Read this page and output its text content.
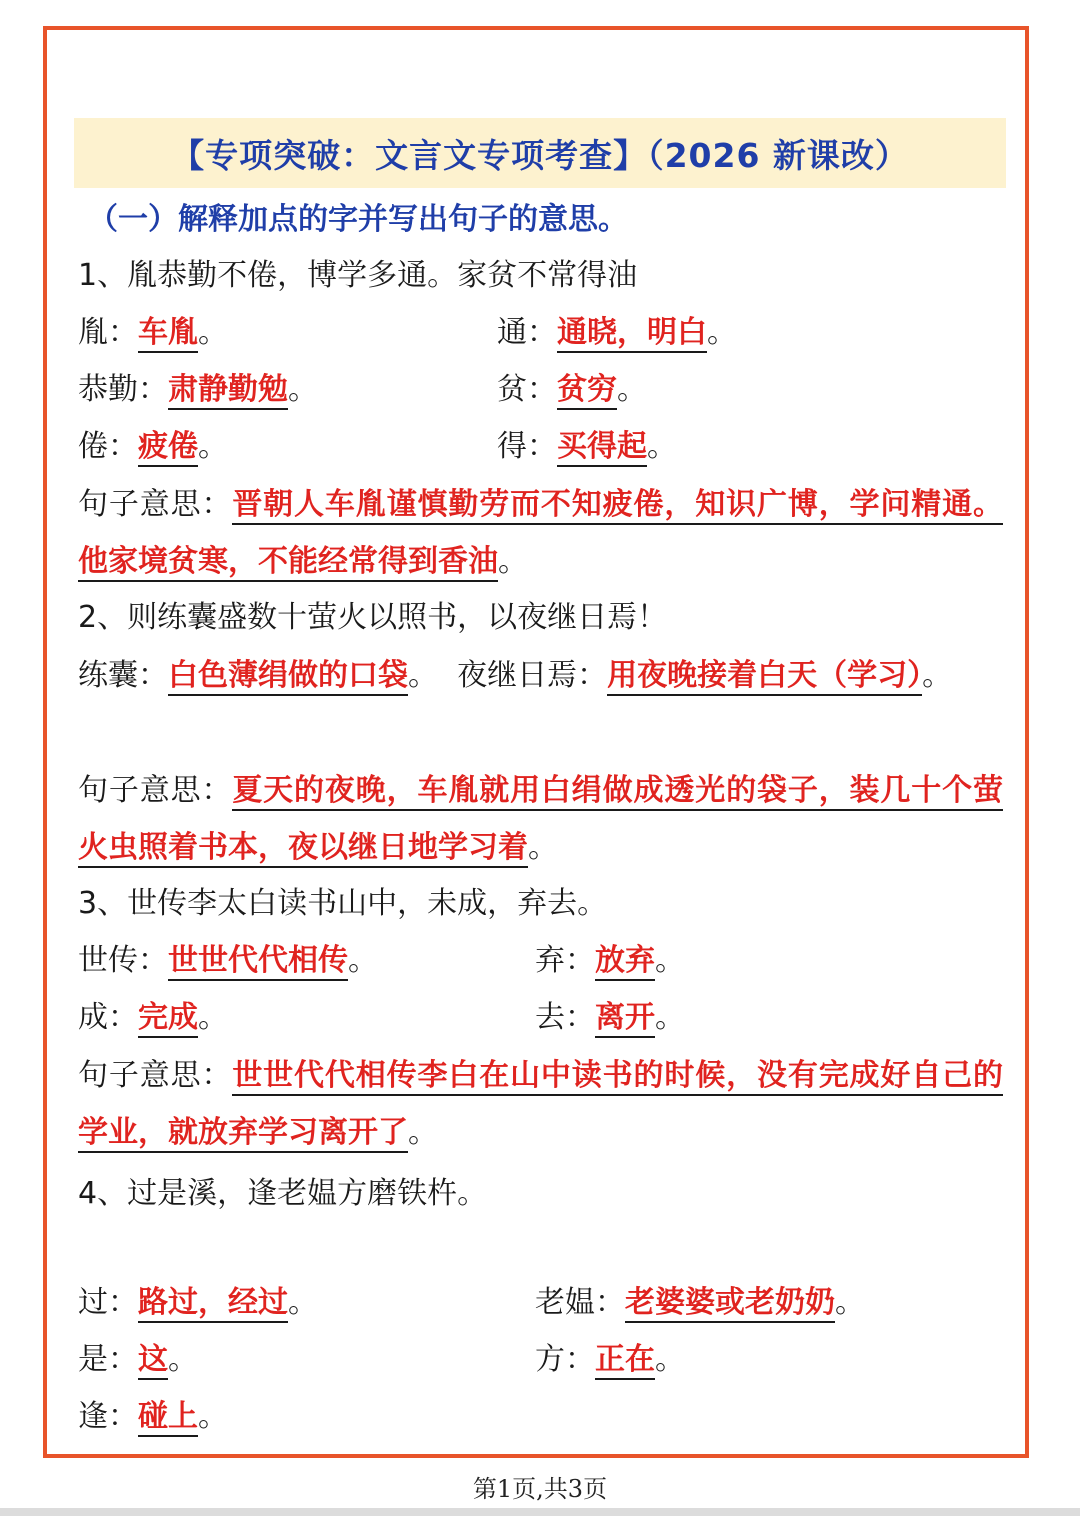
【专项突破：文言文专项考查】（2026 新课改）
（一）解释加点的字并写出句子的意思。
1、胤恭勤不倦，博学多通。家贫不常得油
胤：车胤。	通：通晓，明白。
恭勤：肃静勤勉。	贫：贫穷。
倦：疲倦。	得：买得起。
句子意思：晋朝人车胤谨慎勤劳而不知疲倦，知识广博，学问精通。他家境贫寒，不能经常得到香油。
2、则练囊盛数十萤火以照书，以夜继日焉！
练囊：白色薄绢做的口袋。 夜继日焉：用夜晚接着白天（学习）。
句子意思：夏天的夜晚，车胤就用白绢做成透光的袋子，装几十个萤火虫照着书本，夜以继日地学习着。
3、世传李太白读书山中，未成，弃去。
世传：世世代代相传。	弃：放弃。
成：完成。	去：离开。
句子意思：世世代代相传李白在山中读书的时候，没有完成好自己的学业，就放弃学习离开了。
4、过是溪，逢老媪方磨铁杵。
过：路过，经过。	老媪：老婆婆或老奶奶。
是：这。	方：正在。
逢：碰上。
第1页,共3页
